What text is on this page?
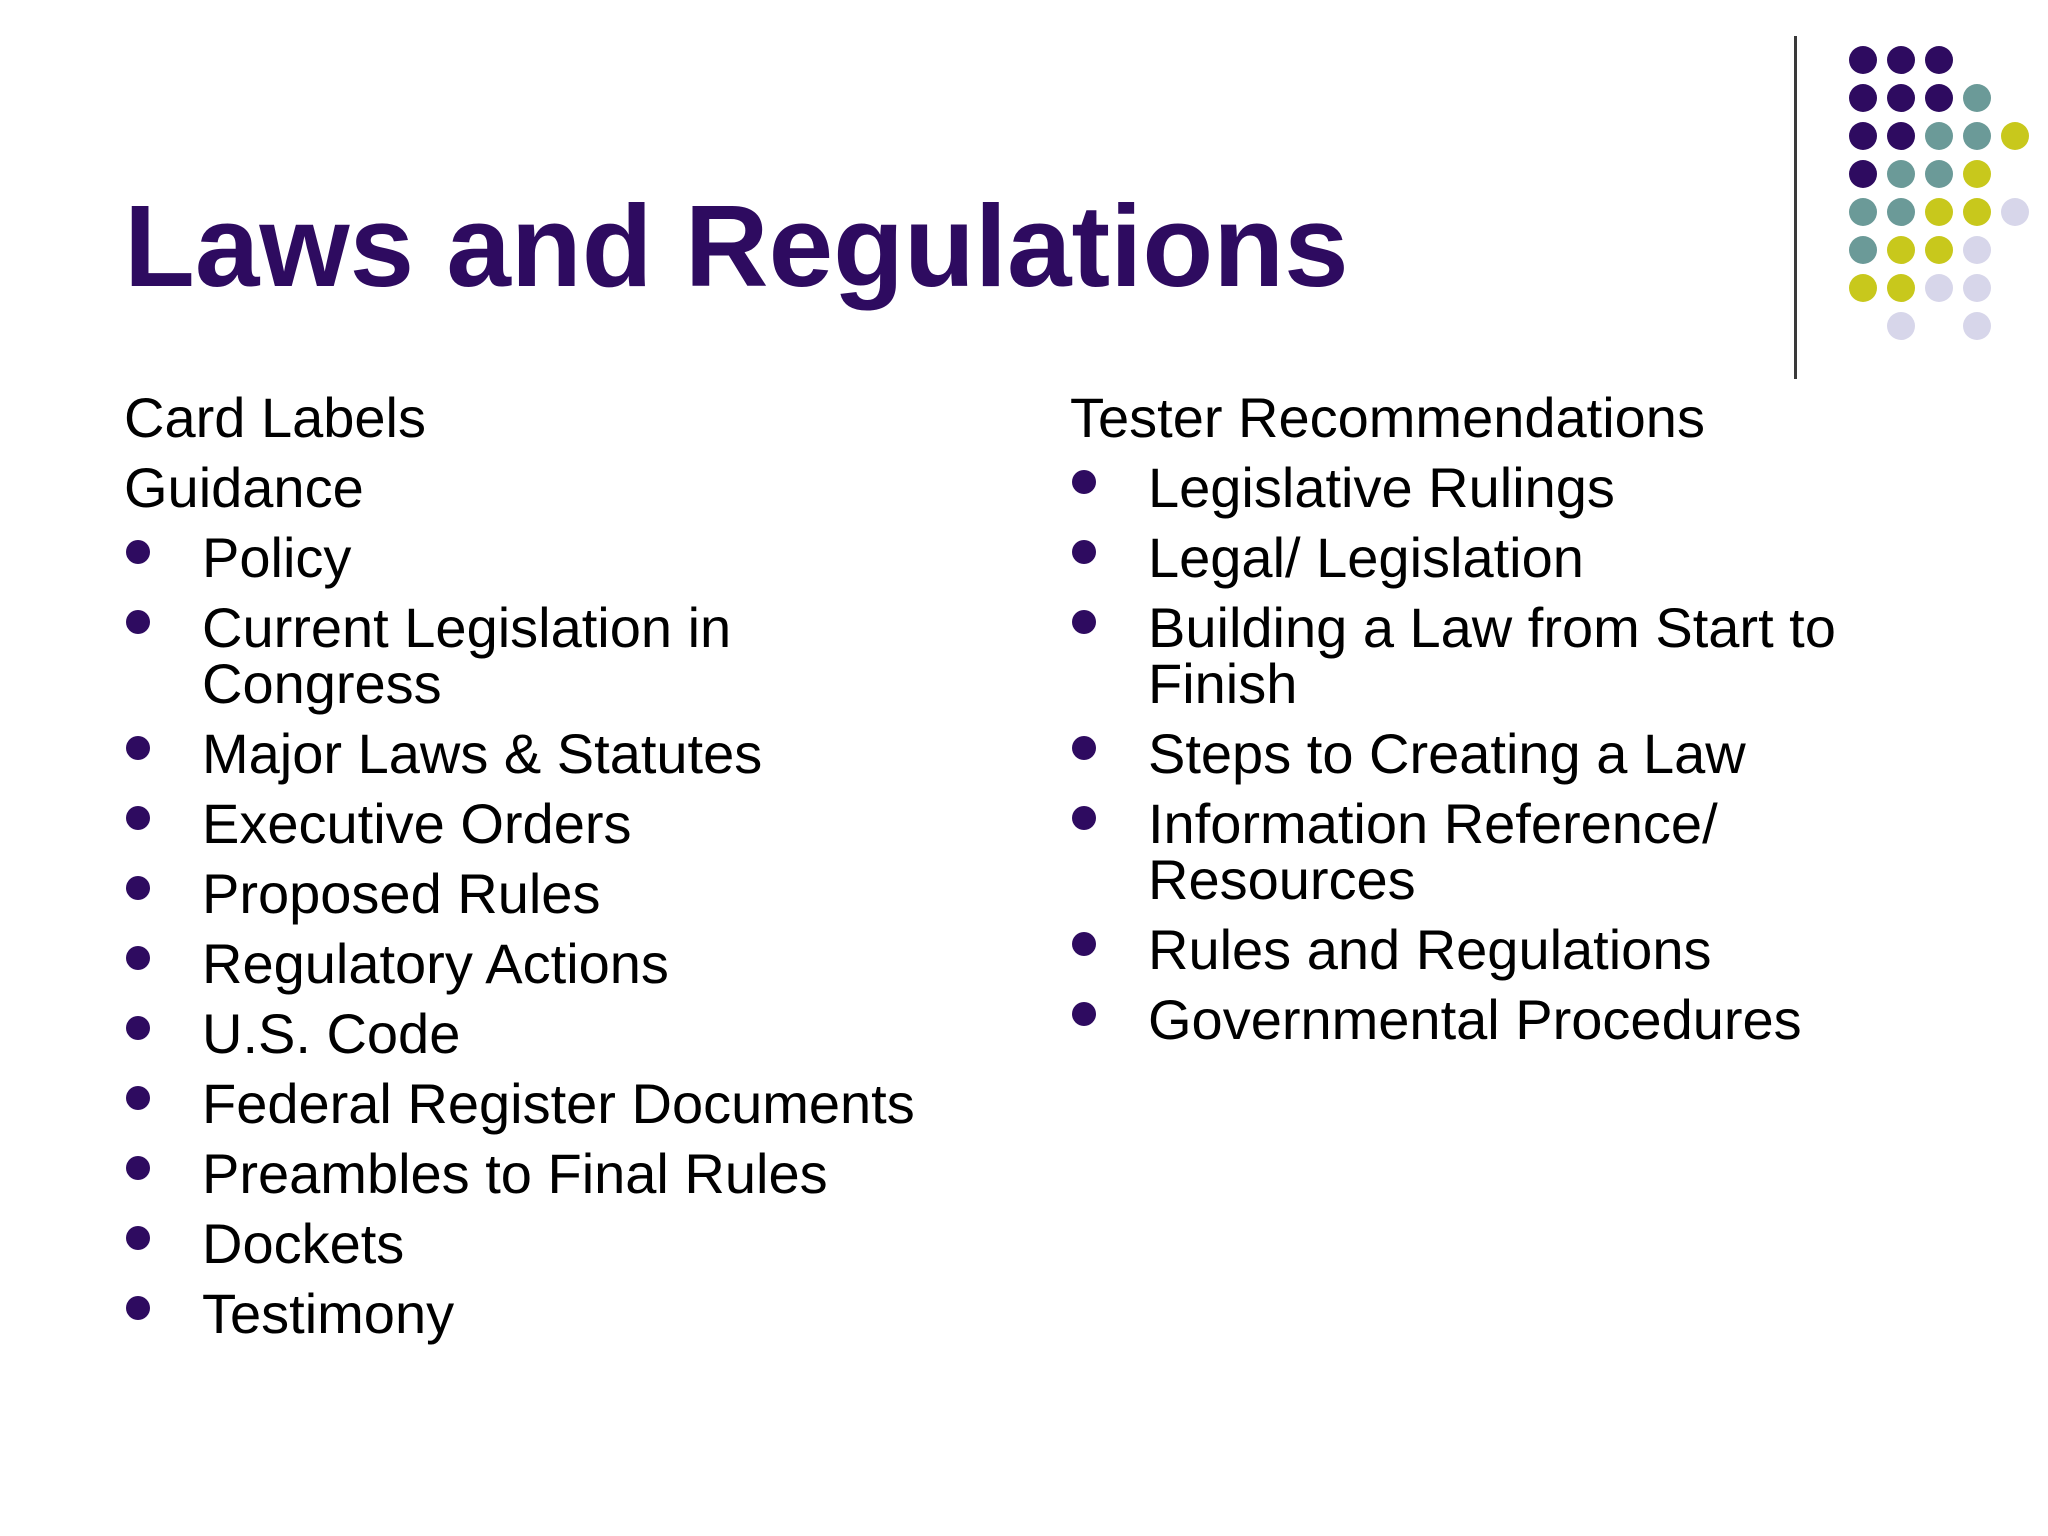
Laws and Regulations
Card Labels
Guidance
Policy
Current Legislation in Congress
Major Laws & Statutes
Executive Orders
Proposed Rules
Regulatory Actions
U.S. Code
Federal Register Documents
Preambles to Final Rules
Dockets
Testimony
Tester Recommendations
Legislative Rulings
Legal/ Legislation
Building a Law from Start to Finish
Steps to Creating a Law
Information Reference/ Resources
Rules and Regulations
Governmental Procedures
